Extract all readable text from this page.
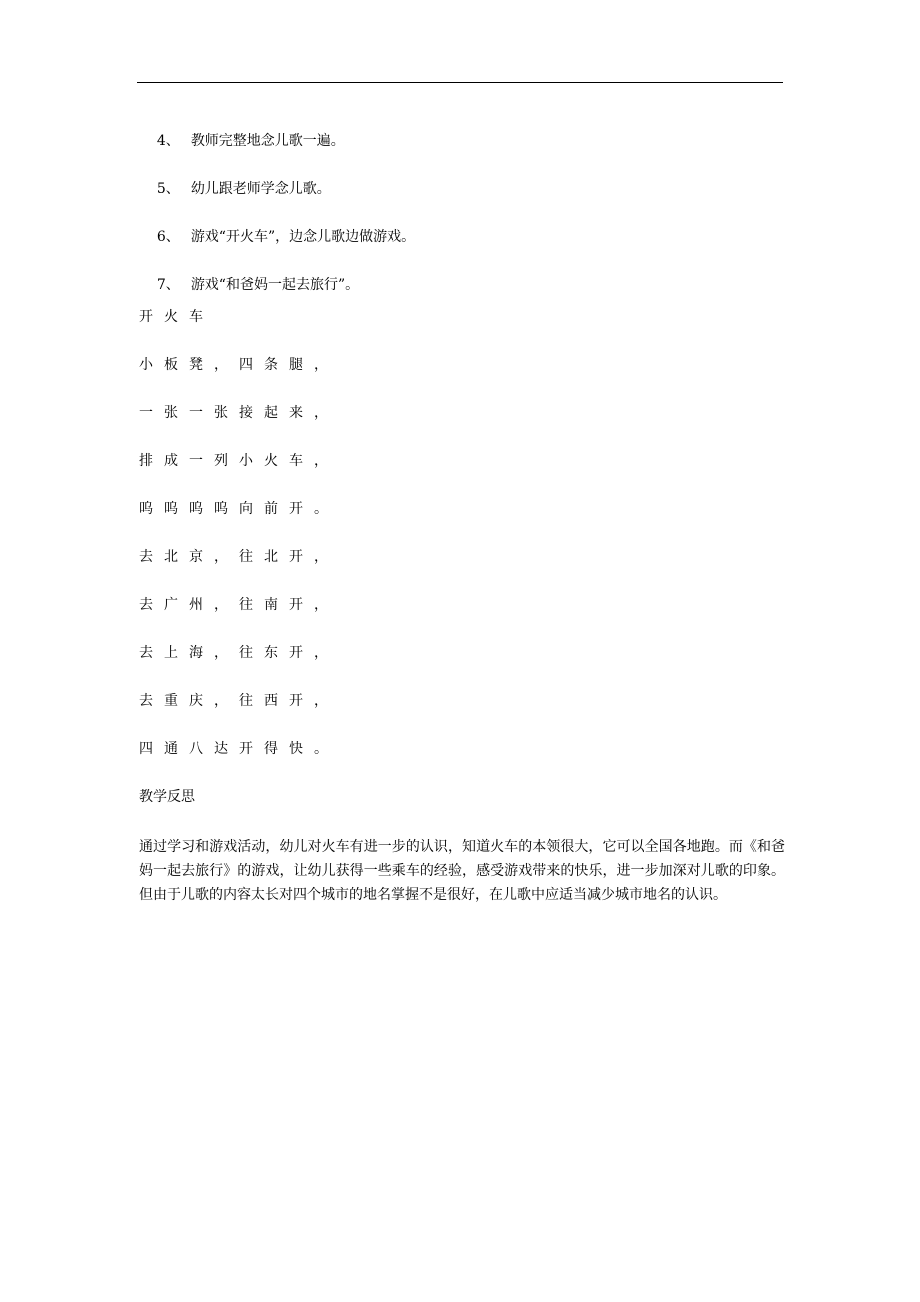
4、 教师完整地念儿歌一遍。

5、 幼儿跟老师学念儿歌。

6、 游戏“开火车”，边念儿歌边做游戏。

7、 游戏“和爸妈一起去旅行”。

开火车
小板凳，四条腿，
一张一张接起来，
排成一列小火车，
呜呜呜呜向前开。
去北京，往北开，
去广州，往南开，
去上海，往东开，
去重庆，往西开，
四通八达开得快。
教学反思
通过学习和游戏活动，幼儿对火车有进一步的认识，知道火车的本领很大，它可以全国各地跑。而《和爸妈一起去旅行》的游戏，让幼儿获得一些乘车的经验，感受游戏带来的快乐，进一步加深对儿歌的印象。但由于儿歌的内容太长对四个城市的地名掌握不是很好，在儿歌中应适当减少城市地名的认识。
